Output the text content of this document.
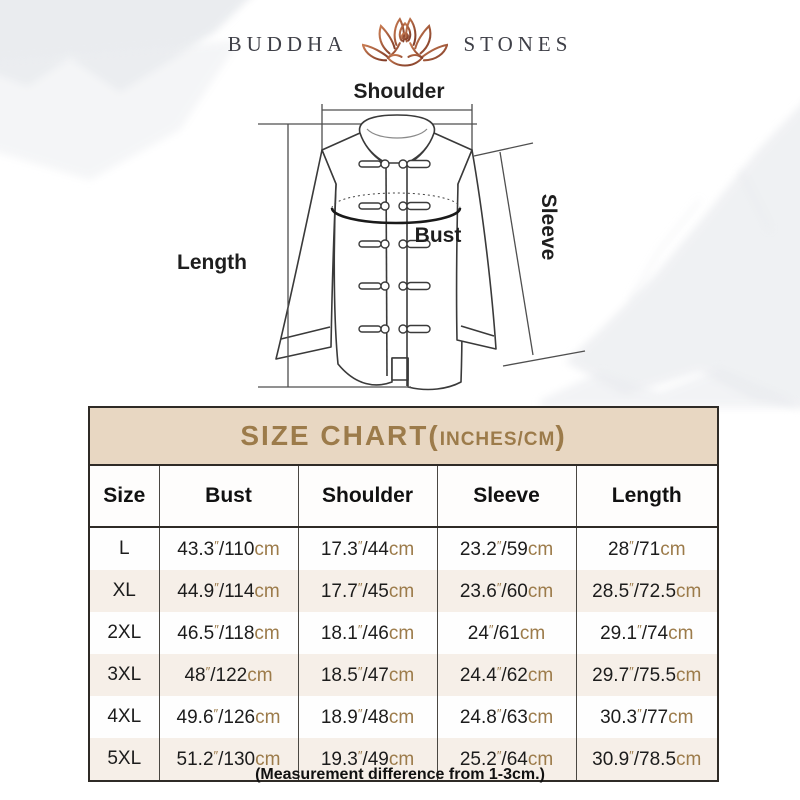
BUDDHA	STONES
Shoulder
Length
Bust	Sleeve
SIZE CHART(INCHES/CM)				
Size	Bust	Shoulder	Sleeve	Length
L	43.3″/110cm	17.3″/44cm	23.2″/59cm	28″/71cm
XL	44.9″/114cm	17.7″/45cm	23.6″/60cm	28.5″/72.5cm
2XL	46.5″/118cm	18.1″/46cm	24″/61cm	29.1″/74cm
3XL	48″/122cm	18.5″/47cm	24.4″/62cm	29.7″/75.5cm
4XL	49.6″/126cm	18.9″/48cm	24.8″/63cm	30.3″/77cm
5XL	51.2″/130cm	19.3″/49cm	25.2″/64cm	30.9″/78.5cm
(Measurement difference from 1-3cm.)
